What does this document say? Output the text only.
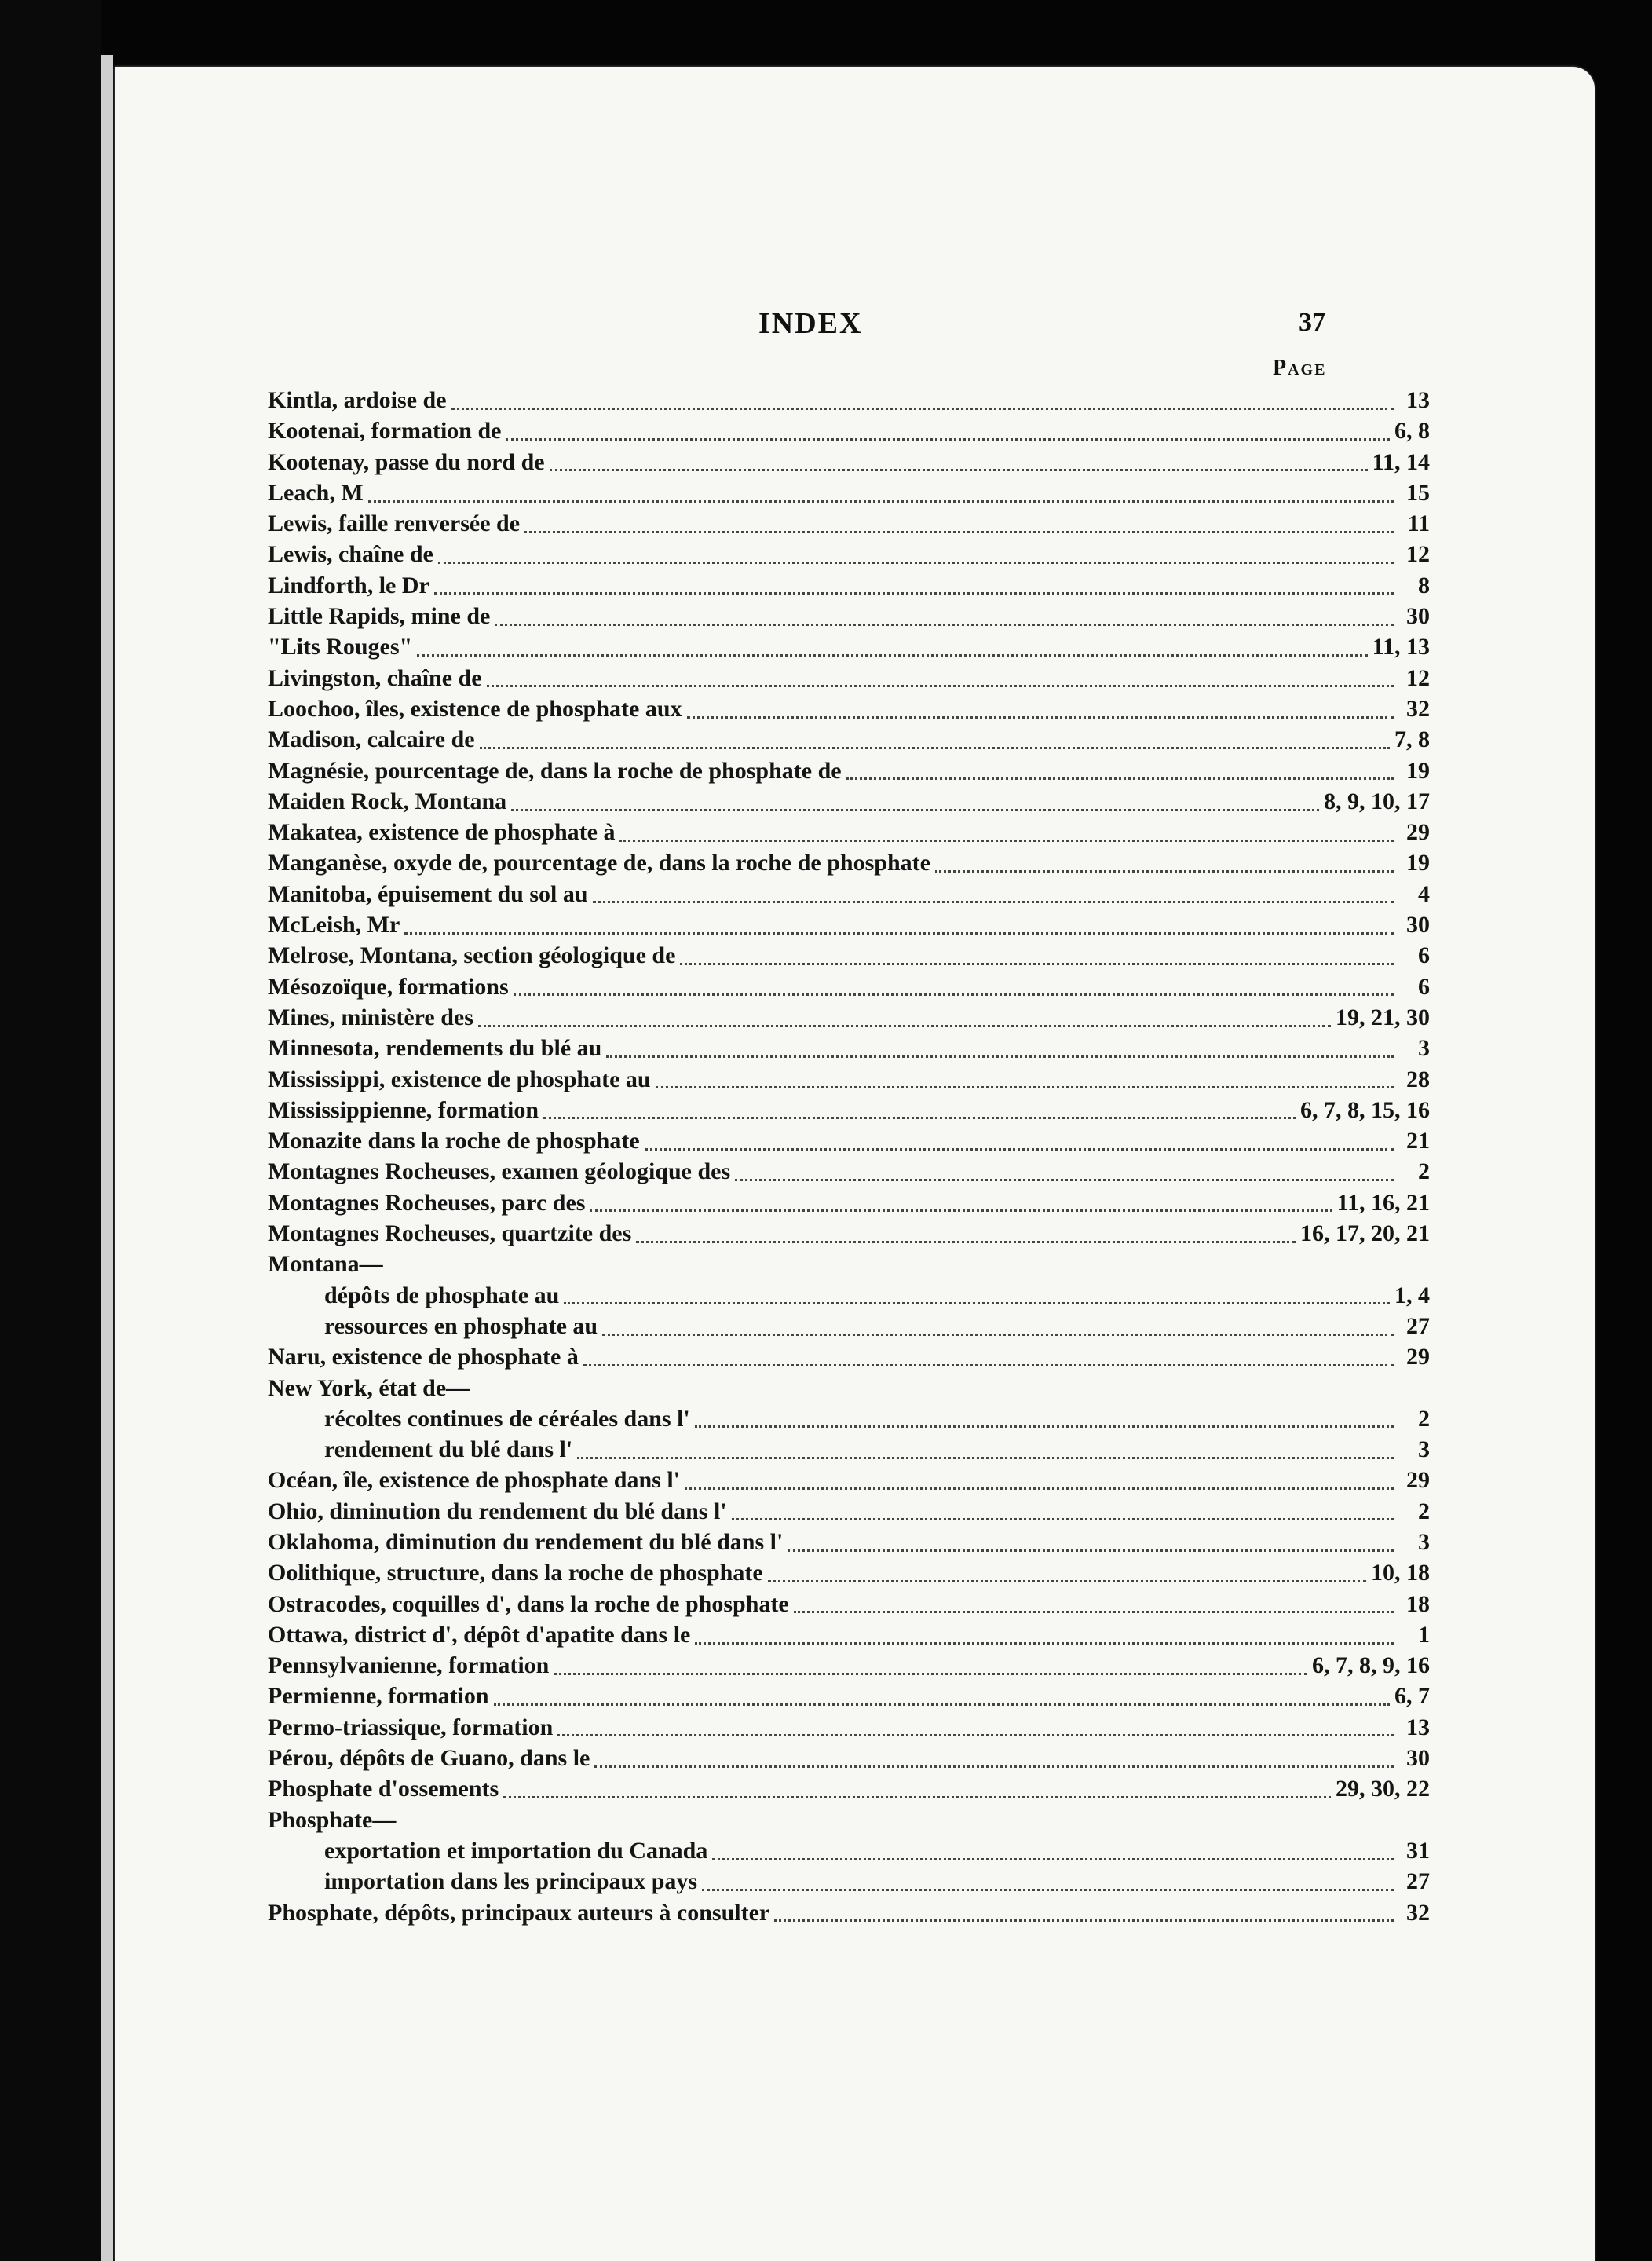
INDEX	37
Page
Kintla, ardoise de	13
Kootenai, formation de	6, 8
Kootenay, passe du nord de	11, 14
Leach, M	15
Lewis, faille renversée de	11
Lewis, chaîne de	12
Lindforth, le Dr	8
Little Rapids, mine de	30
"Lits Rouges"	11, 13
Livingston, chaîne de	12
Loochoo, îles, existence de phosphate aux	32
Madison, calcaire de	7, 8
Magnésie, pourcentage de, dans la roche de phosphate de	19
Maiden Rock, Montana	8, 9, 10, 17
Makatea, existence de phosphate à	29
Manganèse, oxyde de, pourcentage de, dans la roche de phosphate	19
Manitoba, épuisement du sol au	4
McLeish, Mr	30
Melrose, Montana, section géologique de	6
Mésozoïque, formations	6
Mines, ministère des	19, 21, 30
Minnesota, rendements du blé au	3
Mississippi, existence de phosphate au	28
Mississippienne, formation	6, 7, 8, 15, 16
Monazite dans la roche de phosphate	21
Montagnes Rocheuses, examen géologique des	2
Montagnes Rocheuses, parc des	11, 16, 21
Montagnes Rocheuses, quartzite des	16, 17, 20, 21
Montana—
dépôts de phosphate au	1, 4
ressources en phosphate au	27
Naru, existence de phosphate à	29
New York, état de—
récoltes continues de céréales dans l'	2
rendement du blé dans l'	3
Océan, île, existence de phosphate dans l'	29
Ohio, diminution du rendement du blé dans l'	2
Oklahoma, diminution du rendement du blé dans l'	3
Oolithique, structure, dans la roche de phosphate	10, 18
Ostracodes, coquilles d', dans la roche de phosphate	18
Ottawa, district d', dépôt d'apatite dans le	1
Pennsylvanienne, formation	6, 7, 8, 9, 16
Permienne, formation	6, 7
Permo-triassique, formation	13
Pérou, dépôts de Guano, dans le	30
Phosphate d'ossements	29, 30, 22
Phosphate—
exportation et importation du Canada	31
importation dans les principaux pays	27
Phosphate, dépôts, principaux auteurs à consulter	32
